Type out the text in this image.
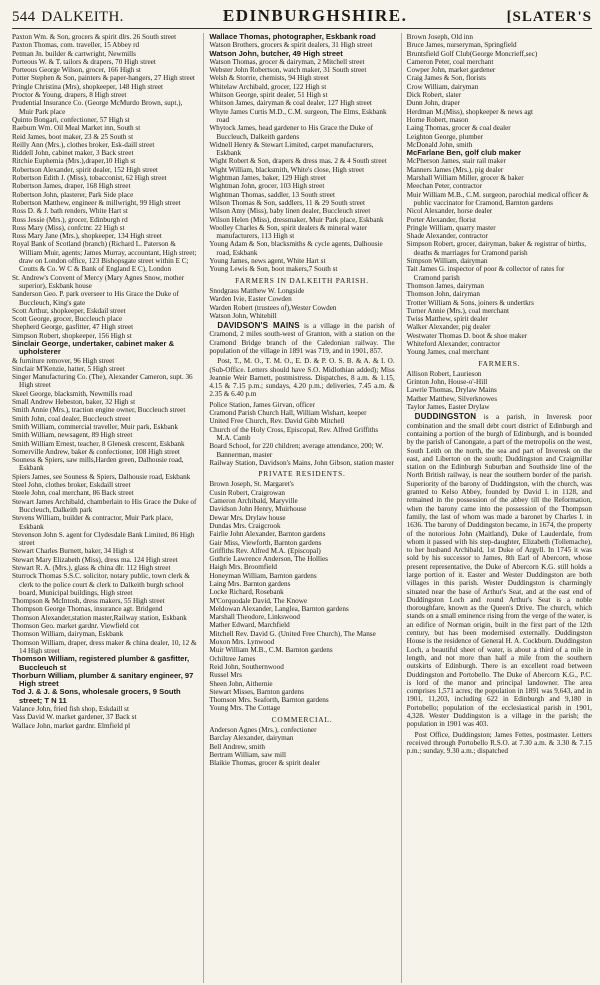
544 DALKEITH.	EDINBURGHSHIRE.	[SLATER'S

Paxton Wm. & Son, grocers & spirit dlrs. 26 South street

Paxton Thomas, com. traveller, 15 Abbey rd

Petman Jn. builder & cartwright, Newmills

Porteous W. & T. tailors & drapers, 70 High street

Porteous George Wilson, grocer, 166 High st

Potter Stephen & Son, painters & paper-hangers, 27 High street

Pringle Christina (Mrs), shopkeeper, 148 High street

Proctor & Young, drapers, 8 High street

Prudential Insurance Co. (George McMurdo Brown, supt.), Muir Park place

Quinto Bongari, confectioner, 57 High st

Raeburn Wm. Oil Meal Market inn, South st

Reid James, boot maker, 23 & 25 South st

Reilly Ann (Mrs.), clothes broker, Esk-daill street

Riddell John, cabinet maker, 3 Back street

Ritchie Euphemia (Mrs.),draper,10 High st

Robertson Alexander, spirit dealer, 152 High street

Robertson Edith J. (Miss), tobacconist, 62 High street

Robertson James, draper, 168 High street

Robertson John, plasterer, Park Side place

Robertson Matthew, engineer & millwright, 99 High street

Ross D. & J. bath renders, White Hart st

Ross Jessie (Mrs.), grocer, Edinburgh rd

Ross Mary (Miss), confctnr. 22 High st

Ross Mary Jane (Mrs.), shopkeeper, 134 High street

Royal Bank of Scotland (branch) (Richard L. Paterson & William Muir, agents; James Murray, accountant, High street; draw on London office, 123 Bishopsgate street within E C; Coutts & Co. W C & Bank of England E C), London

St. Andrew's Convent of Mercy (Mary Agnes Snow, mother superior), Eskbank house

Sanderson Geo. P. park overseer to His Grace the Duke of Buccleuch, King's gate

Scott Arthur, shopkeeper, Eskdail street

Scott George, grocer, Buccleuch place

Shepherd George, gasfitter, 47 High street

Simpson Robert, shopkeeper, 156 High st

Sinclair George, undertaker, cabinet maker & upholsterer

& furniture remover, 96 High street

Sinclair M'Kenzie, hatter, 5 High street

Singer Manufacturing Co. (The), Alexander Cameron, supt. 36 High street

Skeel George, blacksmith, Newmills road

Small Andrew Hebeston, baker, 32 High st

Smith Annie (Mrs.), traction engine owner, Buccleuch street

Smith John, coal dealer, Buccleuch street

Smith William, commercial traveller, Muir park, Eskbank

Smith William, newsagent, 89 High street

Smith William Ernest, teacher, 8 Glenesk crescent, Eskbank

Somerville Andrew, baker & confectioner, 108 High street

Souness & Spiers, saw mills,Harden green, Dalhousie road, Eskbank

Spiers James, see Souness & Spiers, Dalhousie road, Eskbank

Steel John, clothes broker, Eskdaill street

Steele John, coal merchant, 86 Back street

Stewart James Archibald, chamberlain to His Grace the Duke of Buccleuch, Dalkeith park

Stevens William, builder & contractor, Muir Park place, Eskbank

Stevenson John S. agent for Clydesdale Bank Limited, 86 High street

Stewart Charles Burnett, baker, 34 High st

Stewart Mary Elizabeth (Miss), dress ma. 124 High street

Stewart R. A. (Mrs.), glass & china dlr. 112 High street

Sturrock Thomas S.S.C. solicitor, notary public, town clerk & clerk to the police court & clerk to Dalkeith burgh school board, Municipal buildings, High street

Thompson & McIntosh, dress makers, 55 High street

Thompson George Thomas, insurance agt. Bridgend

Thomson Alexander,station master,Railway station, Eskbank

Thomson Geo. market gardnr. Viewfield cot

Thomson William, dairyman, Eskbank

Thomson William, draper, dress maker & china dealer, 10, 12 & 14 High street

Thomson William, registered plumber & gasfitter, Buccleuch st

Thorburn William, plumber & sanitary engineer, 97 High street

Tod J. & J. & Sons, wholesale grocers, 9 South street; T N 11

Valance John, fried fish shop, Eskdaill st

Vass David W. market gardener, 37 Back st

Wallace John, market gardnr. Elmfield pl

Wallace Thomas, photographer, Eskbank road

Watson Brothers, grocers & spirit dealers, 31 High street

Watson John, butcher, 49 High street

Watson Thomas, grocer & dairyman, 2 Mitchell street

Webster John Robertson, watch maker, 31 South street

Welsh & Storrie, chemists, 94 High street

Whitelaw Archibald, grocer, 122 High st

Whitson George, spirit dealer, 51 High st

Whitson James, dairyman & coal dealer, 127 High street

Whyte James Curtis M.D., C.M. surgeon, The Elms, Eskbank road

Whytock James, head gardener to His Grace the Duke of Buccleuch, Dalkeith gardens

Widnell Henry & Stewart Limited, carpet manufacturers, Eskbank

Wight Robert & Son, drapers & dress mas. 2 & 4 South street

Wight William, blacksmith, White's close, High street

Wightman James, baker, 129 High street

Wightman John, grocer, 103 High street

Wightman Thomas, saddler, 13 South street

Wilson Thomas & Son, saddlers, 11 & 29 South street

Wilson Amy (Miss), baby linen dealer, Buccleuch street

Wilson Helen (Miss), dressmaker, Muir Park place, Eskbank

Woolley Charles & Son, spirit dealers & mineral water manufacturers, 113 High st

Young Adam & Son, blacksmiths & cycle agents, Dalhousie road, Eskbank

Young James, news agent, White Hart st

Young Lewis & Son, boot makers,7 South st

FARMERS IN DALKEITH PARISH.

Snodgrass Matthew W. Longside

Warden Ivie, Easter Cowden

Warden Robert (trustees of),Wester Cowden

Watson John, Whitehill

DAVIDSON'S MAINS is a village in the parish of Cramond, 2 miles south-west of Granton, with a station on the Cramond Bridge branch of the Caledonian railway. The population of the village in 1891 was 719, and in 1901, 857.

Post, T., M. O., T. M. O., E. D. & P. O. S. B. & A. & I. O. (Sub-Office. Letters should have S.O. Midlothian added); Miss Jeannie Weir Barnett, postmistress. Dispatches, 8 a.m. & 1.15, 4.15 & 7.15 p.m.; sundays, 4.20 p.m.; deliveries, 7.45 a.m. & 2.35 & 6.40 p.m

Police Station, James Girvan, officer

Cramond Parish Church Hall, William Wishart, keeper

United Free Church, Rev. David Gibb Mitchell

Church of the Holy Cross, Episcopal, Rev. Alfred Griffiths M.A. Camb

Board School, for 220 children; average attendance, 200; W. Bannerman, master

Railway Station, Davidson's Mains, John Gibson, station master

PRIVATE RESIDENTS.

Brown Joseph, St. Margaret's

Cusin Robert, Craigrowan

Cameron Archibald, Maryville

Davidson John Henry, Muirhouse

Dewar Mrs. Drylaw house

Dundas Mrs. Craigcrook

Fairlie John Alexander, Barnton gardens

Gair Miss, Viewforth, Barnton gardens

Griffiths Rev. Alfred M.A. (Episcopal)

Guthrie Lawrence Anderson, The Hollies

Haigh Mrs. Broomfield

Honeyman William, Barnton gardens

Laing Mrs. Barnton gardens

Locke Richard, Rosebank

M'Corquodale David, The Knowe

Meldowan Alexander, Langlea, Barnton gardens

Marshall Theodore, Linkswood

Mather Edward, Marchfield

Mitchell Rev. David G. (United Free Church), The Manse

Moxon Mrs. Lynwood

Muir William M.B., C.M. Barnton gardens

Ochiltree James

Reid John, Southernwood

Russel Mrs

Sheen John, Aithernie

Stewart Misses, Barnton gardens

Thomson Mrs. Seaforth, Barnton gardens

Young Mrs. The Cottage

COMMERCIAL.

Anderson Agnes (Mrs.), confectioner

Barclay Alexander, dairyman

Bell Andrew, smith

Bertram William, saw mill

Blaikie Thomas, grocer & spirit dealer

Brown Joseph, Old inn

Bruce James, nurseryman, Springfield

Bruntsfield Golf Club(George Moncrieff,sec)

Cameron Peter, coal merchant

Cowper John, market gardener

Craig James & Son, florists

Crow William, dairyman

Dick Robert, slater

Dunn John, draper

Herdman M.(Miss), shopkeeper & news agt

Horne Robert, mason

Laing Thomas, grocer & coal dealer

Leighton George, plumber

McDonald John, smith

McFarlane Ben, golf club maker

McPherson James, stair rail maker

Manners James (Mrs.), pig dealer

Marshall William Miller, grocer & baker

Meechan Peter, contractor

Muir William M.B., C.M. surgeon, parochial medical officer & public vaccinator for Cramond, Barnton gardens

Nicol Alexander, horse dealer

Porter Alexander, florist

Pringle William, quarry master

Shade Alexander, contractor

Simpson Robert, grocer, dairyman, baker & registrar of births, deaths & marriages for Cramond parish

Simpson William, dairyman

Tait James G. inspector of poor & collector of rates for Cramond parish

Thomson James, dairyman

Thomson John, dairyman

Trotter William & Sons, joiners & undertkrs

Turner Annie (Mrs.), coal merchant

Twiss Matthew, spirit dealer

Walker Alexander, pig dealer

Westwater Thomas D. boot & shoe maker

Whiteford Alexander, contractor

Young James, coal merchant

FARMERS.

Allison Robert, Laurieson

Grinton John, House-o'-Hill

Lawrie Thomas, Drylaw Mains

Mather Matthew, Silverknowes

Taylor James, Easter Drylaw

DUDDINGSTON is a parish, in Inveresk poor combination and the small debt court district of Edinburgh and containing a portion of the burgh of Edinburgh, and is bounded by the parish of Canongate, a part of the metropolis on the west, South Leith on the north, the sea and part of Inveresk on the east, and Liberton on the south; Duddingston and Craigmillar station on the Edinburgh Suburban and Southside line of the North British railway, is near the southern border of the parish. Superiority of the barony of Duddingston, with the church, was granted to Kelso Abbey, founded by David I. in 1128, and remained in the possession of the abbey till the Reformation, when the barony came into the possession of the Thompson family, the last of whom was made a baronet by Charles I. in 1636. The barony of Duddingston became, in 1674, the property of the notorious John (Maitland), Duke of Lauderdale, from whom it passed with his step-daughter, Elizabeth (Tollemache), to her husband Archibald, 1st Duke of Argyll. In 1745 it was sold by his successor to James, 8th Earl of Abercorn, whose present representative, the Duke of Abercorn K.G. still holds a large portion of it. Easter and Wester Duddingston are both villages in this parish. Wester Duddingston is charmingly situated near the base of Arthur's Seat, and at the east end of Duddingston Loch and round Arthur's Seat is a noble thoroughfare, known as the Queen's Drive. The church, which stands on a small eminence rising from the verge of the water, is an edifice of Norman origin, built in the first part of the 12th century, but has been modernised externally. Duddingston House is the residence of General H. A. Cockburn. Duddingston Loch, a beautiful sheet of water, is about a third of a mile in length, and not more than half a mile from the southern outskirts of Edinburgh. There is an excellent road between Duddingston and Portobello. The Duke of Abercorn K.G., P.C. is lord of the manor and principal landowner. The area comprises 1,571 acres; the population in 1891 was 9,643, and in 1901, 11,203, including 622 in Edinburgh and 9,180 in Portobello; population of the ecclesiastical parish in 1901, 4,328. Wester Duddingston is a village in the parish; the population in 1901 was 403.

Post Office, Duddingston; James Fettes, postmaster. Letters received through Portobello R.S.O. at 7.30 a.m. & 3.30 & 7.15 p.m.; sunday, 9.30 a.m.; dispatched
